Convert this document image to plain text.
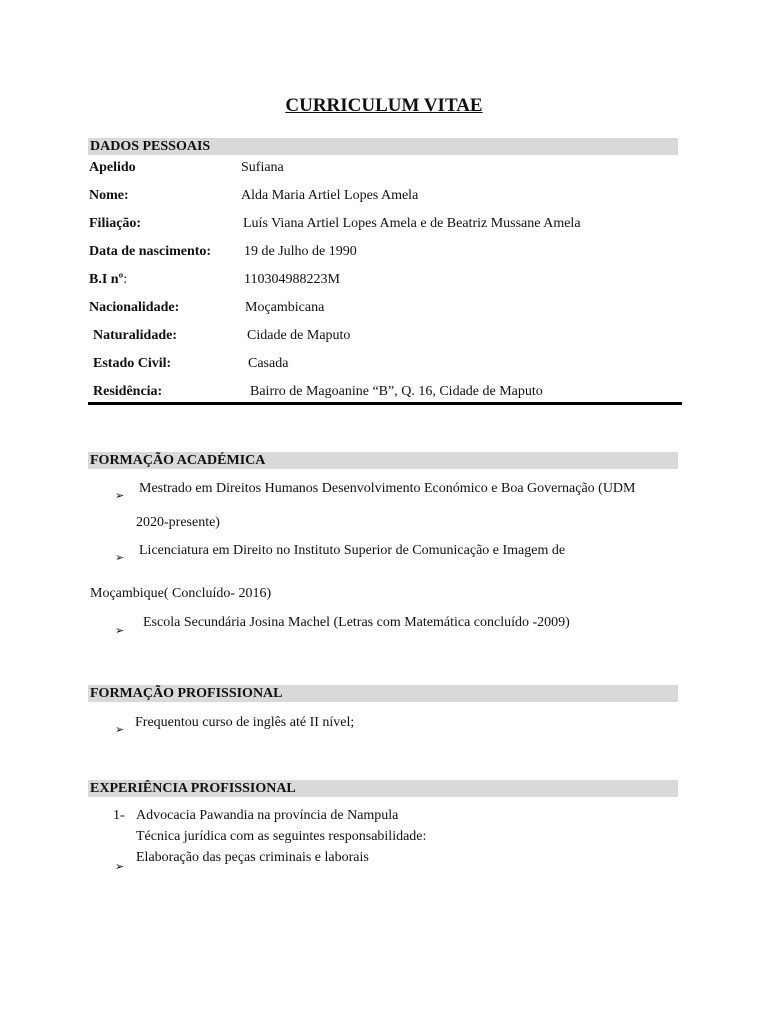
CURRICULUM VITAE
DADOS PESSOAIS
Apelido	Sufiana
Nome:	Alda Maria Artiel Lopes Amela
Filiação:	Luís Viana Artiel Lopes Amela e de Beatriz Mussane Amela
Data de nascimento: 19 de Julho de 1990
B.I nº:	110304988223M
Nacionalidade:	Moçambicana
Naturalidade:	Cidade de Maputo
Estado Civil:	Casada
Residência:	Bairro de Magoanine “B”, Q. 16, Cidade de Maputo
FORMAÇÃO ACADÉMICA
➢ Mestrado em Direitos Humanos Desenvolvimento Económico e Boa Governação (UDM
2020-presente)
➢ Licenciatura em Direito no Instituto Superior de Comunicação e Imagem de
Moçambique( Concluído- 2016)
➢
Escola Secundária Josina Machel (Letras com Matemática concluído -2009)
FORMAÇÃO PROFISSIONAL
➢ Frequentou curso de inglês até II nível;
EXPERIÊNCIA PROFISSIONAL
1- Advocacia Pawandia na província de Nampula
Técnica jurídica com as seguintes responsabilidade:
➢
Elaboração das peças criminais e laborais
